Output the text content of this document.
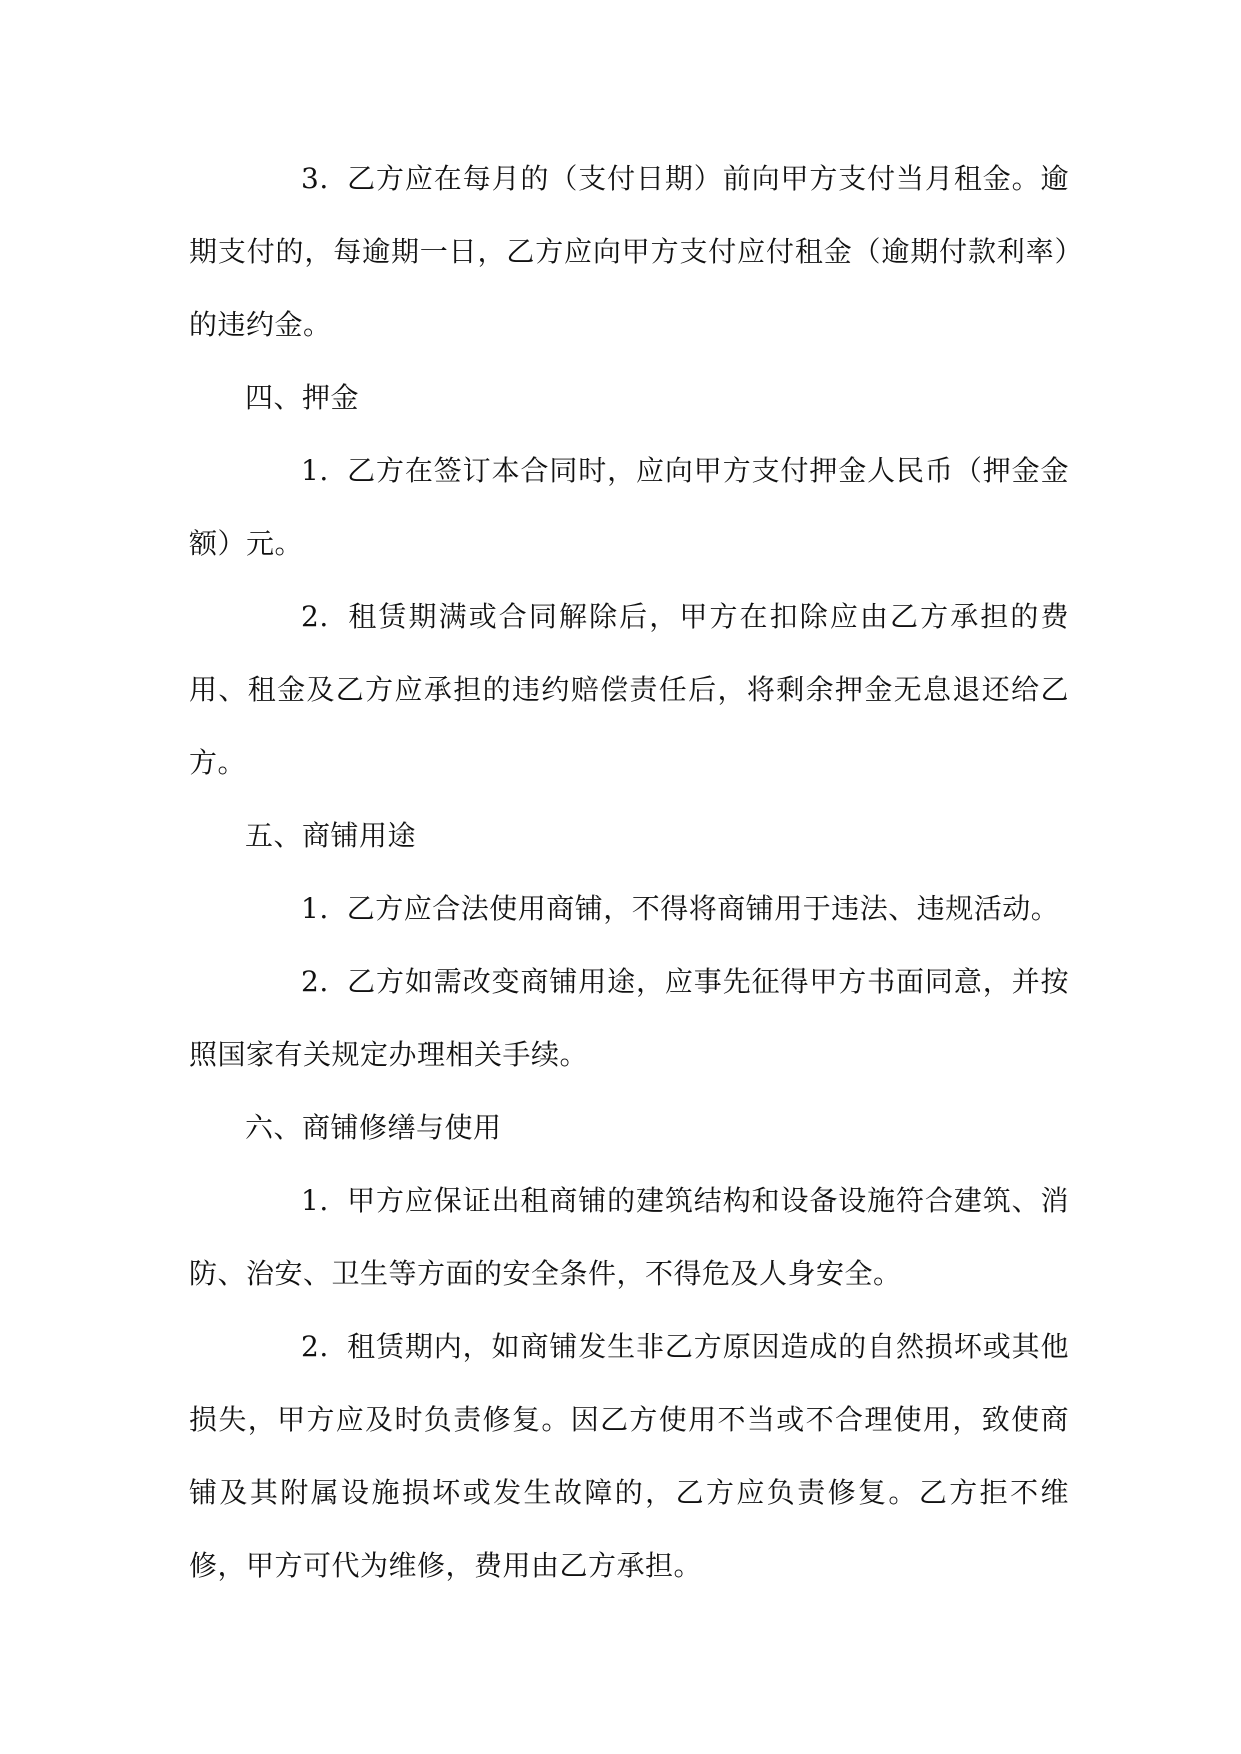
3. 乙方应在每月的（支付日期）前向甲方支付当月租金。逾期支付的，每逾期一日，乙方应向甲方支付应付租金（逾期付款利率）的违约金。

四、押金

1. 乙方在签订本合同时，应向甲方支付押金人民币（押金金额）元。

2. 租赁期满或合同解除后，甲方在扣除应由乙方承担的费用、租金及乙方应承担的违约赔偿责任后，将剩余押金无息退还给乙方。

五、商铺用途

1. 乙方应合法使用商铺，不得将商铺用于违法、违规活动。

2. 乙方如需改变商铺用途，应事先征得甲方书面同意，并按照国家有关规定办理相关手续。

六、商铺修缮与使用

1. 甲方应保证出租商铺的建筑结构和设备设施符合建筑、消防、治安、卫生等方面的安全条件，不得危及人身安全。

2. 租赁期内，如商铺发生非乙方原因造成的自然损坏或其他损失，甲方应及时负责修复。因乙方使用不当或不合理使用，致使商铺及其附属设施损坏或发生故障的，乙方应负责修复。乙方拒不维修，甲方可代为维修，费用由乙方承担。
